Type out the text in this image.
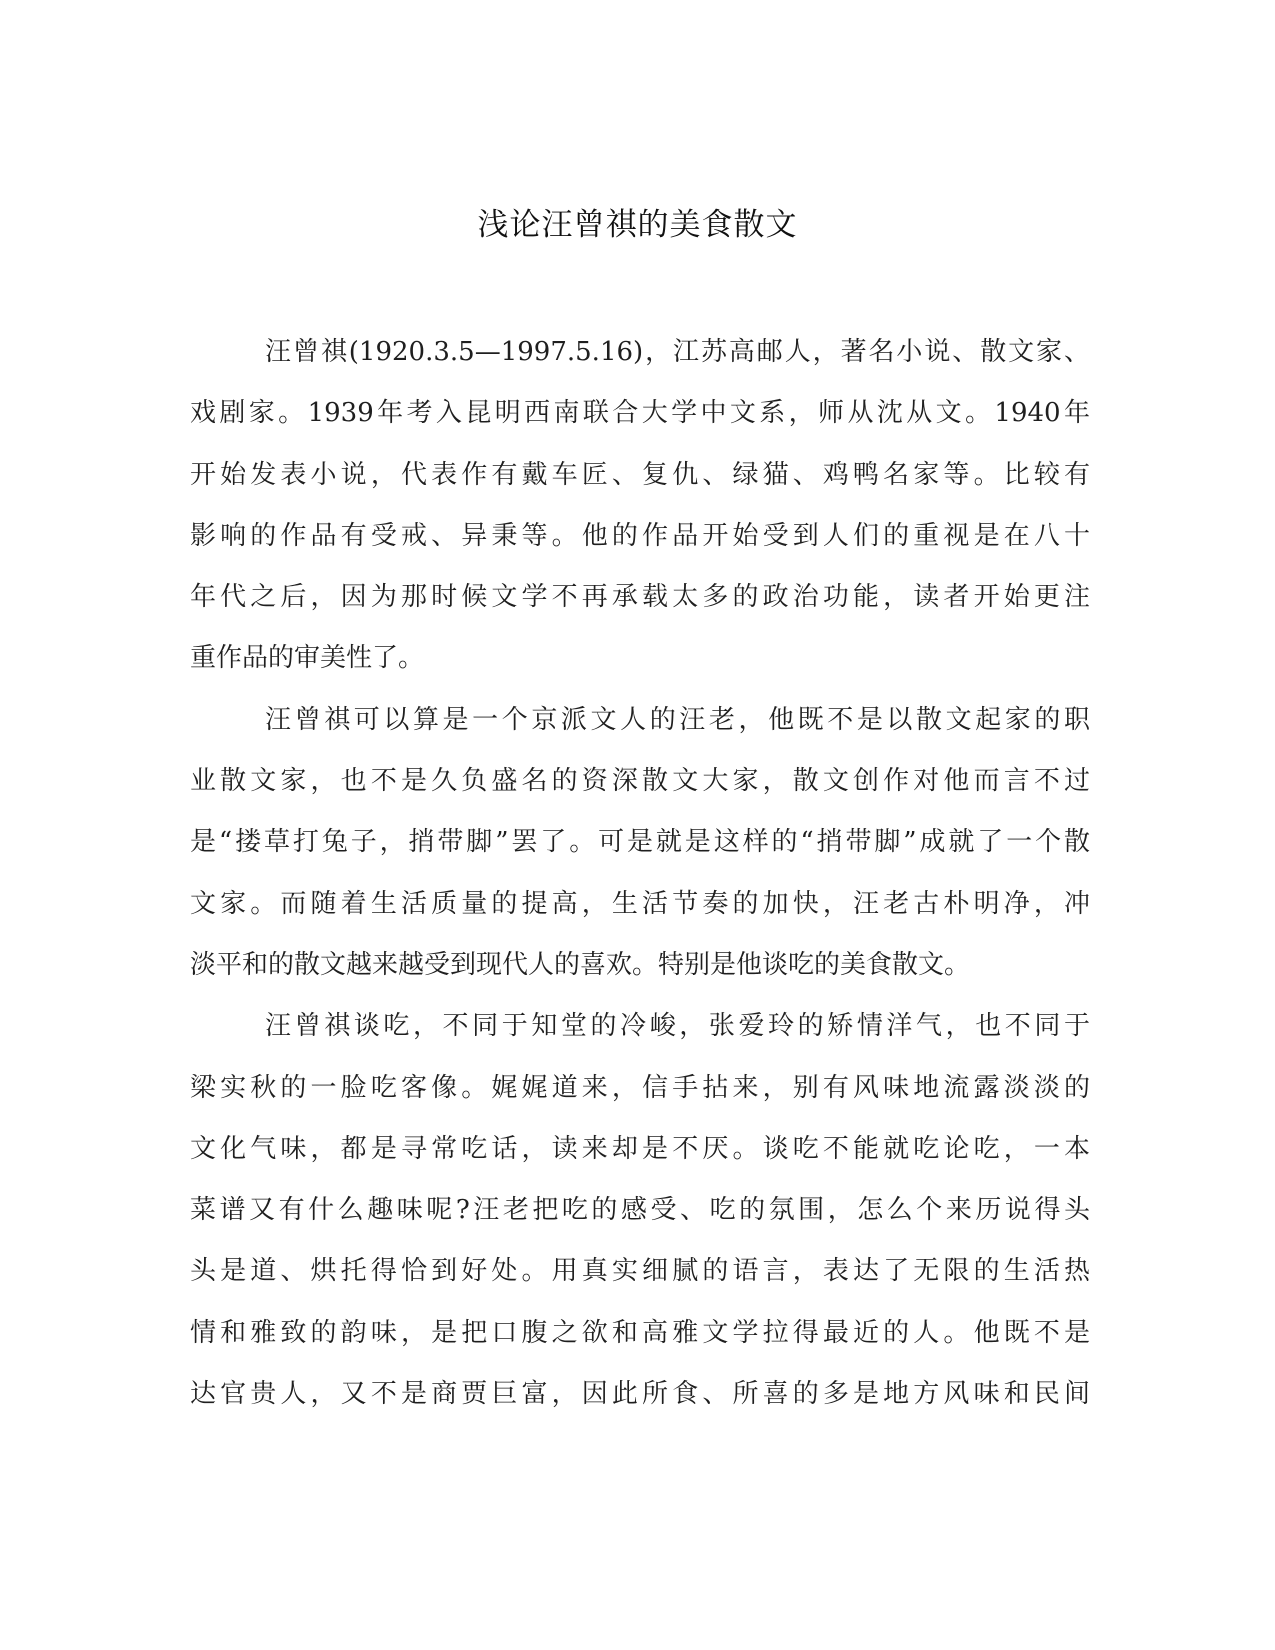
浅论汪曾祺的美食散文
汪曾祺(1920.3.5—1997.5.16)，江苏高邮人，著名小说、散文家、
戏剧家。1939年考入昆明西南联合大学中文系，师从沈从文。1940年
开始发表小说，代表作有戴车匠、复仇、绿猫、鸡鸭名家等。比较有
影响的作品有受戒、异秉等。他的作品开始受到人们的重视是在八十
年代之后，因为那时候文学不再承载太多的政治功能，读者开始更注
重作品的审美性了。
汪曾祺可以算是一个京派文人的汪老，他既不是以散文起家的职
业散文家，也不是久负盛名的资深散文大家，散文创作对他而言不过
是“搂草打兔子，捎带脚”罢了。可是就是这样的“捎带脚”成就了一个散
文家。而随着生活质量的提高，生活节奏的加快，汪老古朴明净，冲
淡平和的散文越来越受到现代人的喜欢。特别是他谈吃的美食散文。
汪曾祺谈吃，不同于知堂的冷峻，张爱玲的矫情洋气，也不同于
梁实秋的一脸吃客像。娓娓道来，信手拈来，别有风味地流露淡淡的
文化气味，都是寻常吃话，读来却是不厌。谈吃不能就吃论吃，一本
菜谱又有什么趣味呢?汪老把吃的感受、吃的氛围，怎么个来历说得头
头是道、烘托得恰到好处。用真实细腻的语言，表达了无限的生活热
情和雅致的韵味，是把口腹之欲和高雅文学拉得最近的人。他既不是
达官贵人，又不是商贾巨富，因此所食、所喜的多是地方风味和民间
